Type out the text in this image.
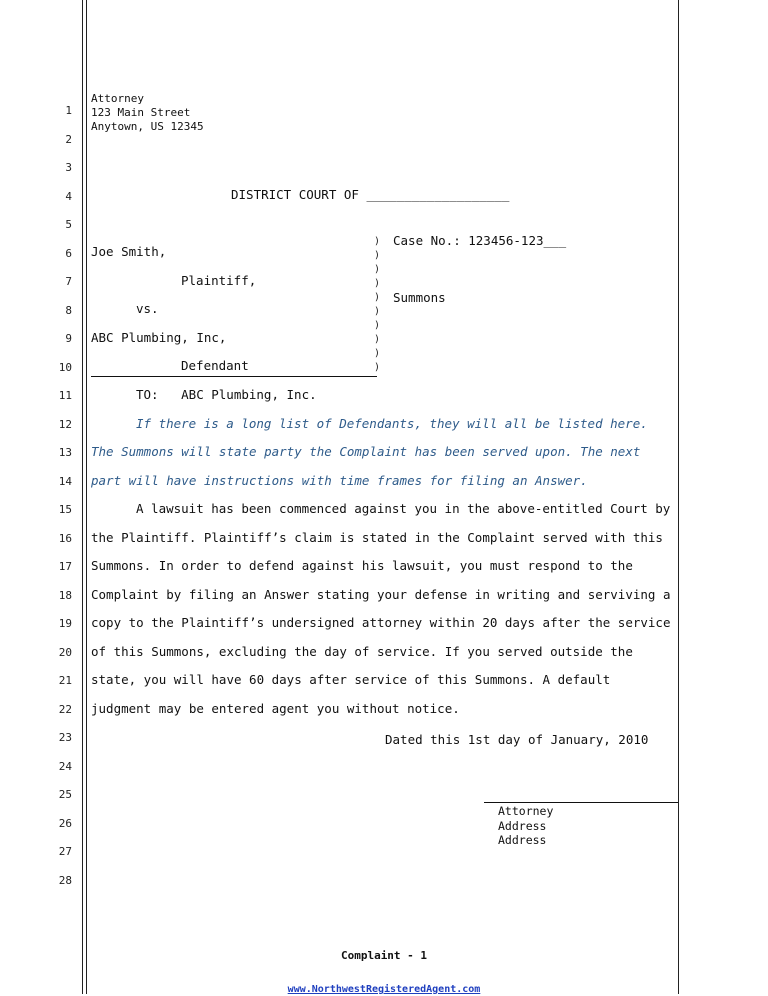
1
2
3
4
5
6
7
8
9
10
11
12
13
14
15
16
17
18
19
20
21
22
23
24
25
26
27
28
Attorney
123 Main Street
Anytown, US 12345
DISTRICT COURT OF ___________________
Joe Smith,
Plaintiff,
vs.
ABC Plumbing, Inc,
Defendant
)
)
)
)
)
)
)
)
)
)
Case No.: 123456-123___
Summons
TO:   ABC Plumbing, Inc.
If there is a long list of Defendants, they will all be listed here.
The Summons will state party the Complaint has been served upon. The next
part will have instructions with time frames for filing an Answer.
A lawsuit has been commenced against you in the above-entitled Court by
the Plaintiff. Plaintiff’s claim is stated in the Complaint served with this
Summons. In order to defend against his lawsuit, you must respond to the
Complaint by filing an Answer stating your defense in writing and serviving a
copy to the Plaintiff’s undersigned attorney within 20 days after the service
of this Summons, excluding the day of service. If you served outside the
state, you will have 60 days after service of this Summons. A default
judgment may be entered agent you without notice.
Dated this 1st day of January, 2010
Attorney
Address
Address
Complaint - 1
www.NorthwestRegisteredAgent.com
